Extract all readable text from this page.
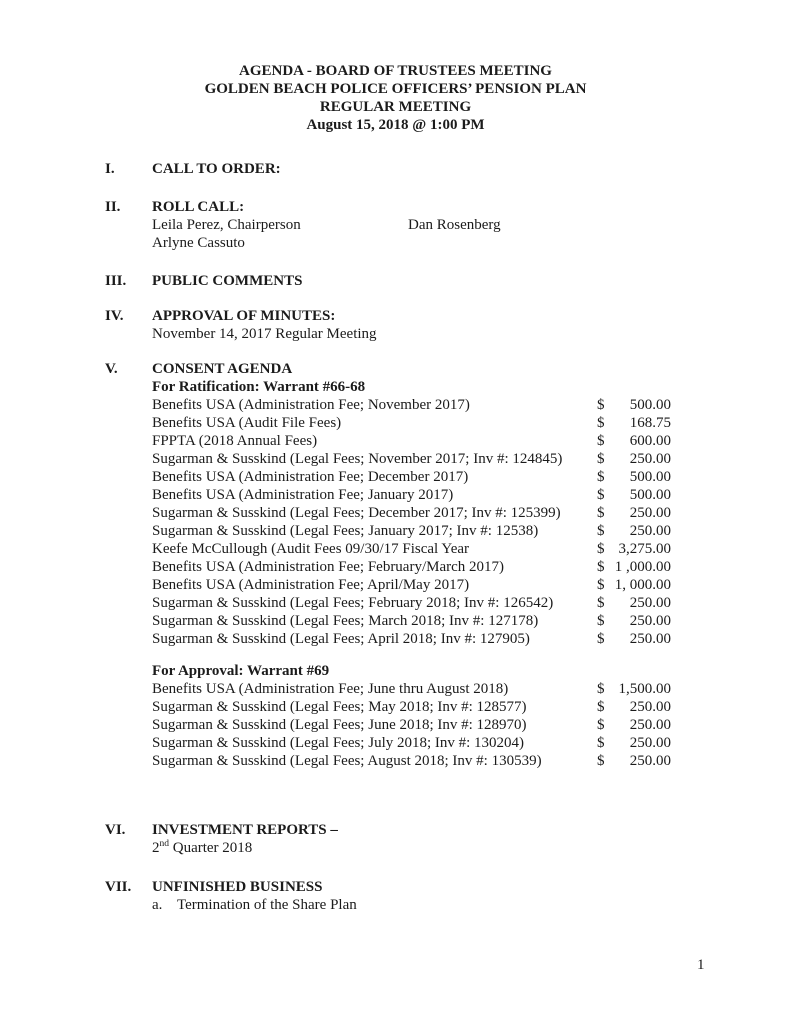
AGENDA - BOARD OF TRUSTEES MEETING
GOLDEN BEACH POLICE OFFICERS’ PENSION PLAN
REGULAR MEETING
August 15, 2018 @ 1:00 PM
I.	CALL TO ORDER:
II.	ROLL CALL:
Leila Perez, Chairperson	Dan Rosenberg
Arlyne Cassuto
III.	PUBLIC COMMENTS
IV.	APPROVAL OF MINUTES:
November 14, 2017 Regular Meeting
V.	CONSENT AGENDA
For Ratification: Warrant #66-68
Benefits USA (Administration Fee; November 2017)	$	500.00
Benefits USA (Audit File Fees)	$	168.75
FPPTA (2018 Annual Fees)	$	600.00
Sugarman & Susskind (Legal Fees; November 2017; Inv #: 124845)	$	250.00
Benefits USA (Administration Fee; December 2017)	$	500.00
Benefits USA (Administration Fee; January 2017)	$	500.00
Sugarman & Susskind (Legal Fees; December 2017; Inv #: 125399)	$	250.00
Sugarman & Susskind (Legal Fees; January 2017; Inv #: 12538)	$	250.00
Keefe McCullough (Audit Fees 09/30/17 Fiscal Year	$ 3,275.00
Benefits USA (Administration Fee; February/March 2017)	$ 1 ,000.00
Benefits USA (Administration Fee; April/May 2017)	$ 1, 000.00
Sugarman & Susskind (Legal Fees; February 2018; Inv #: 126542)	$	250.00
Sugarman & Susskind (Legal Fees; March 2018; Inv #: 127178)	$	250.00
Sugarman & Susskind (Legal Fees; April 2018; Inv #: 127905)	$	250.00
For Approval: Warrant #69
Benefits USA (Administration Fee; June thru August 2018)	$ 1,500.00
Sugarman & Susskind (Legal Fees; May 2018; Inv #: 128577)	$	250.00
Sugarman & Susskind (Legal Fees; June 2018; Inv #: 128970)	$	250.00
Sugarman & Susskind (Legal Fees; July 2018; Inv #: 130204)	$	250.00
Sugarman & Susskind (Legal Fees; August 2018; Inv #: 130539)	$	250.00
VI.	INVESTMENT REPORTS –
2nd Quarter 2018
VII.	UNFINISHED BUSINESS
a. Termination of the Share Plan
1
